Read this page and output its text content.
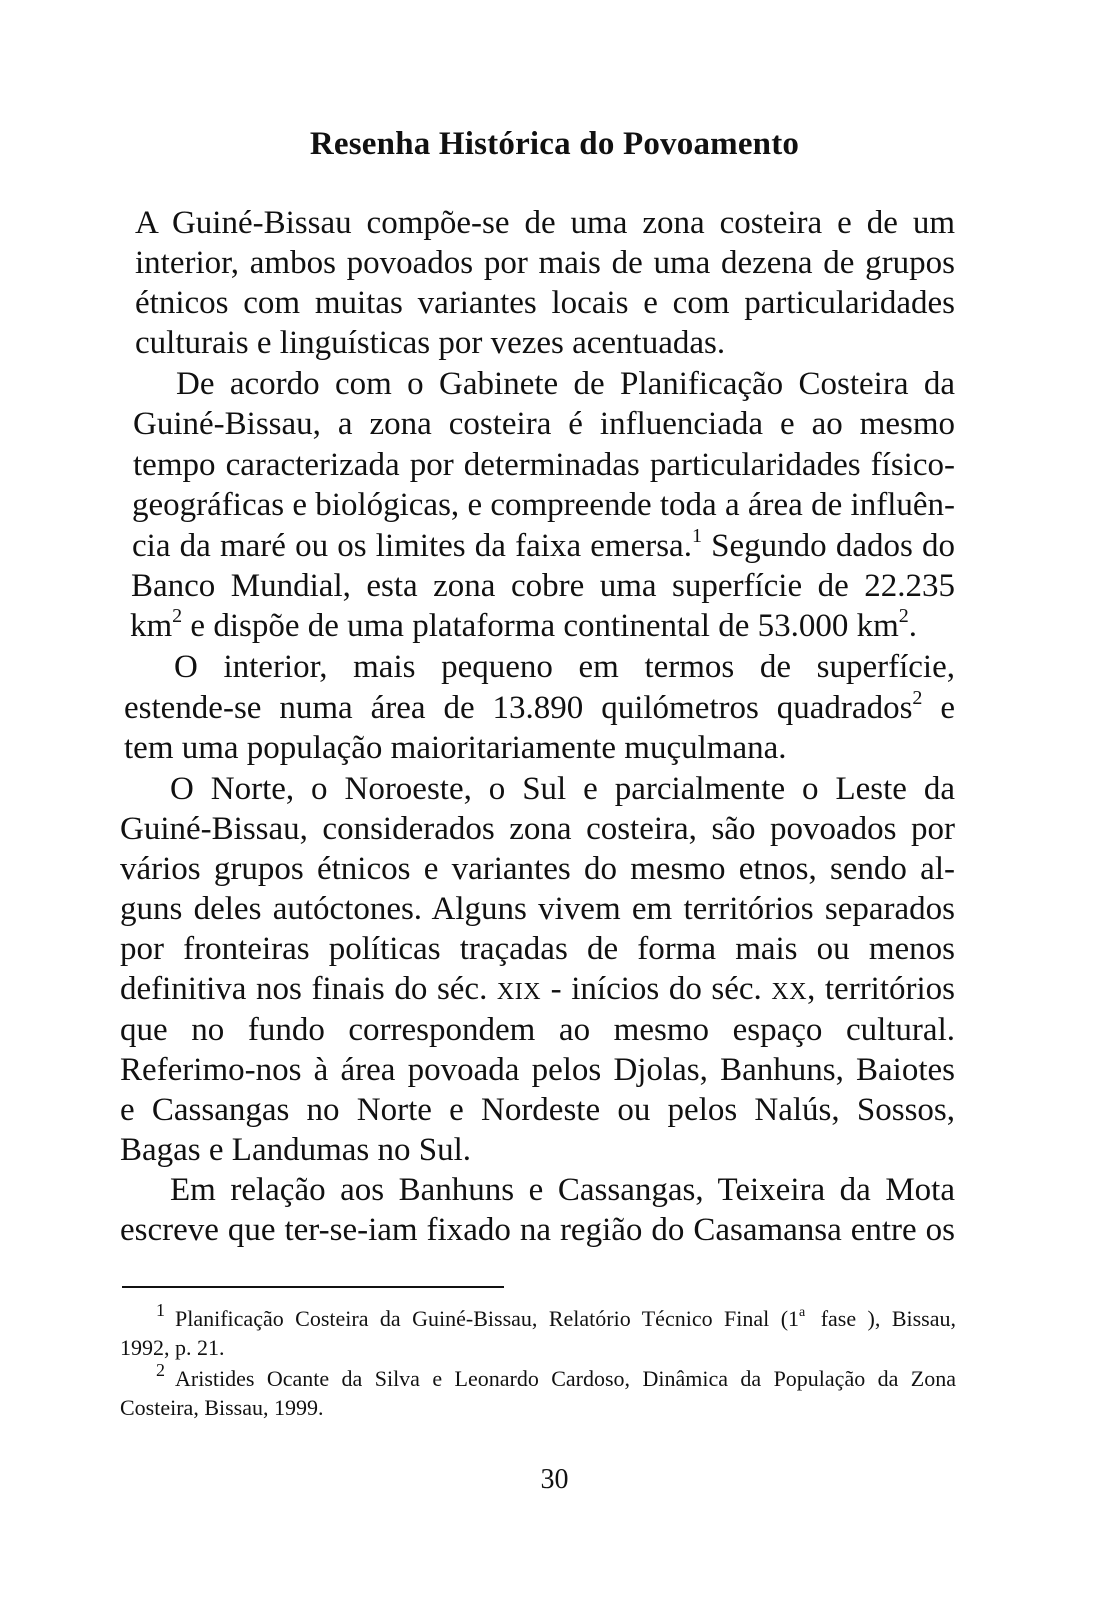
Resenha Histórica do Povoamento

A Guiné-Bissau compõe-se de uma zona costeira e de um

interior, ambos povoados por mais de uma dezena de grupos

étnicos com muitas variantes locais e com particularidades

culturais e linguísticas por vezes acentuadas.

De acordo com o Gabinete de Planificação Costeira da

Guiné-Bissau, a zona costeira é influenciada e ao mesmo

tempo caracterizada por determinadas particularidades físico-

geográficas e biológicas, e compreende toda a área de influên-

cia da maré ou os limites da faixa emersa.$^1$ Segundo dados do

Banco Mundial, esta zona cobre uma superfície de 22.235

$km^2$ e dispõe de uma plataforma continental de 53.000 $km^2$.

O interior, mais pequeno em termos de superfície,

estende-se numa área de 13.890 quilómetros quadrados$^2$ e

tem uma população maioritariamente muçulmana.

O Norte, o Noroeste, o Sul e parcialmente o Leste da

Guiné-Bissau, considerados zona costeira, são povoados por

vários grupos étnicos e variantes do mesmo etnos, sendo al-

guns deles autóctones. Alguns vivem em territórios separados

por fronteiras políticas traçadas de forma mais ou menos

definitiva nos finais do séc. XIX - inícios do séc. XX, territórios

que no fundo correspondem ao mesmo espaço cultural.

Referimo-nos à área povoada pelos Djolas, Banhuns, Baiotes

e Cassangas no Norte e Nordeste ou pelos Nalús, Sossos,

Bagas e Landumas no Sul.

Em relação aos Banhuns e Cassangas, Teixeira da Mota

escreve que ter-se-iam fixado na região do Casamansa entre os

$^1$ Planificação Costeira da Guiné-Bissau, Relatório Técnico Final (1$^a$ fase ), Bissau,

1992, p. 21.

$^2$ Aristides Ocante da Silva e Leonardo Cardoso, Dinâmica da População da Zona

Costeira, Bissau, 1999.

30
